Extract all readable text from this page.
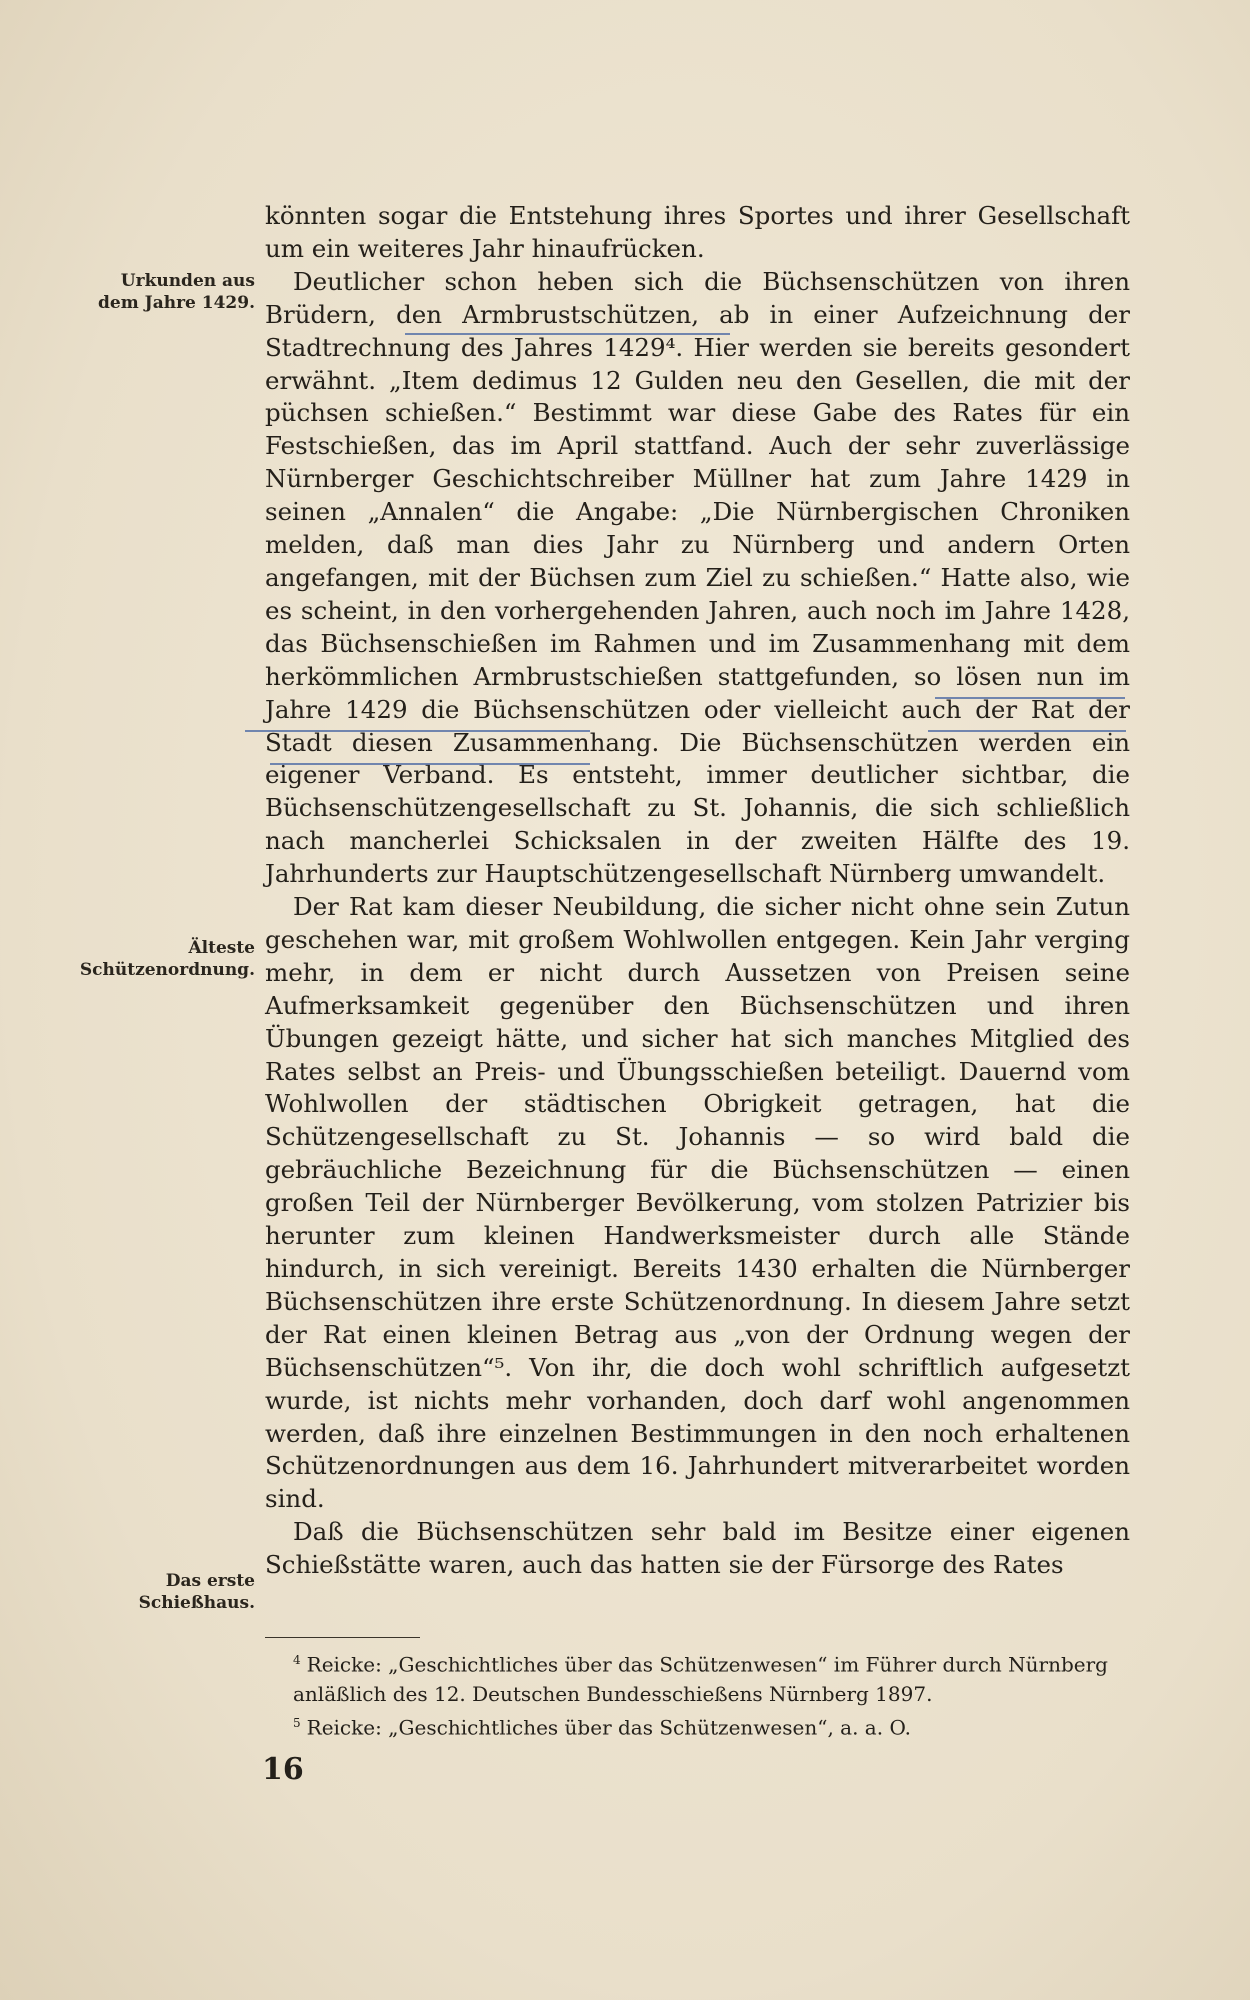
Urkunden aus
dem Jahre 1429.
Älteste
Schützenordnung.
Das erste
Schießhaus.

könnten sogar die Entstehung ihres Sportes und ihrer Gesellschaft um ein weiteres Jahr hinaufrücken.

Deutlicher schon heben sich die Büchsenschützen von ihren Brüdern, den Armbrustschützen, ab in einer Aufzeichnung der Stadtrechnung des Jahres 1429⁴. Hier werden sie bereits gesondert erwähnt. „Item dedimus 12 Gulden neu den Gesellen, die mit der püchsen schießen.“ Bestimmt war diese Gabe des Rates für ein Festschießen, das im April stattfand. Auch der sehr zuverlässige Nürnberger Geschichtschreiber Müllner hat zum Jahre 1429 in seinen „Annalen“ die Angabe: „Die Nürnbergischen Chroniken melden, daß man dies Jahr zu Nürnberg und andern Orten angefangen, mit der Büchsen zum Ziel zu schießen.“ Hatte also, wie es scheint, in den vorhergehenden Jahren, auch noch im Jahre 1428, das Büchsenschießen im Rahmen und im Zusammenhang mit dem herkömmlichen Armbrustschießen stattgefunden, so lösen nun im Jahre 1429 die Büchsenschützen oder vielleicht auch der Rat der Stadt diesen Zusammenhang. Die Büchsenschützen werden ein eigener Verband. Es entsteht, immer deutlicher sichtbar, die Büchsenschützengesellschaft zu St. Johannis, die sich schließlich nach mancherlei Schicksalen in der zweiten Hälfte des 19. Jahrhunderts zur Hauptschützengesellschaft Nürnberg umwandelt.

Der Rat kam dieser Neubildung, die sicher nicht ohne sein Zutun geschehen war, mit großem Wohlwollen entgegen. Kein Jahr verging mehr, in dem er nicht durch Aussetzen von Preisen seine Aufmerksamkeit gegenüber den Büchsenschützen und ihren Übungen gezeigt hätte, und sicher hat sich manches Mitglied des Rates selbst an Preis- und Übungsschießen beteiligt. Dauernd vom Wohlwollen der städtischen Obrigkeit getragen, hat die Schützengesellschaft zu St. Johannis — so wird bald die gebräuchliche Bezeichnung für die Büchsenschützen — einen großen Teil der Nürnberger Bevölkerung, vom stolzen Patrizier bis herunter zum kleinen Handwerksmeister durch alle Stände hindurch, in sich vereinigt. Bereits 1430 erhalten die Nürnberger Büchsenschützen ihre erste Schützenordnung. In diesem Jahre setzt der Rat einen kleinen Betrag aus „von der Ordnung wegen der Büchsenschützen“⁵. Von ihr, die doch wohl schriftlich aufgesetzt wurde, ist nichts mehr vorhanden, doch darf wohl angenommen werden, daß ihre einzelnen Bestimmungen in den noch erhaltenen Schützenordnungen aus dem 16. Jahrhundert mitverarbeitet worden sind.

Daß die Büchsenschützen sehr bald im Besitze einer eigenen Schießstätte waren, auch das hatten sie der Fürsorge des Rates

$^4$ Reicke: „Geschichtliches über das Schützenwesen“ im Führer durch Nürnberg anläßlich des 12. Deutschen Bundesschießens Nürnberg 1897.

$^5$ Reicke: „Geschichtliches über das Schützenwesen“, a. a. O.

16
